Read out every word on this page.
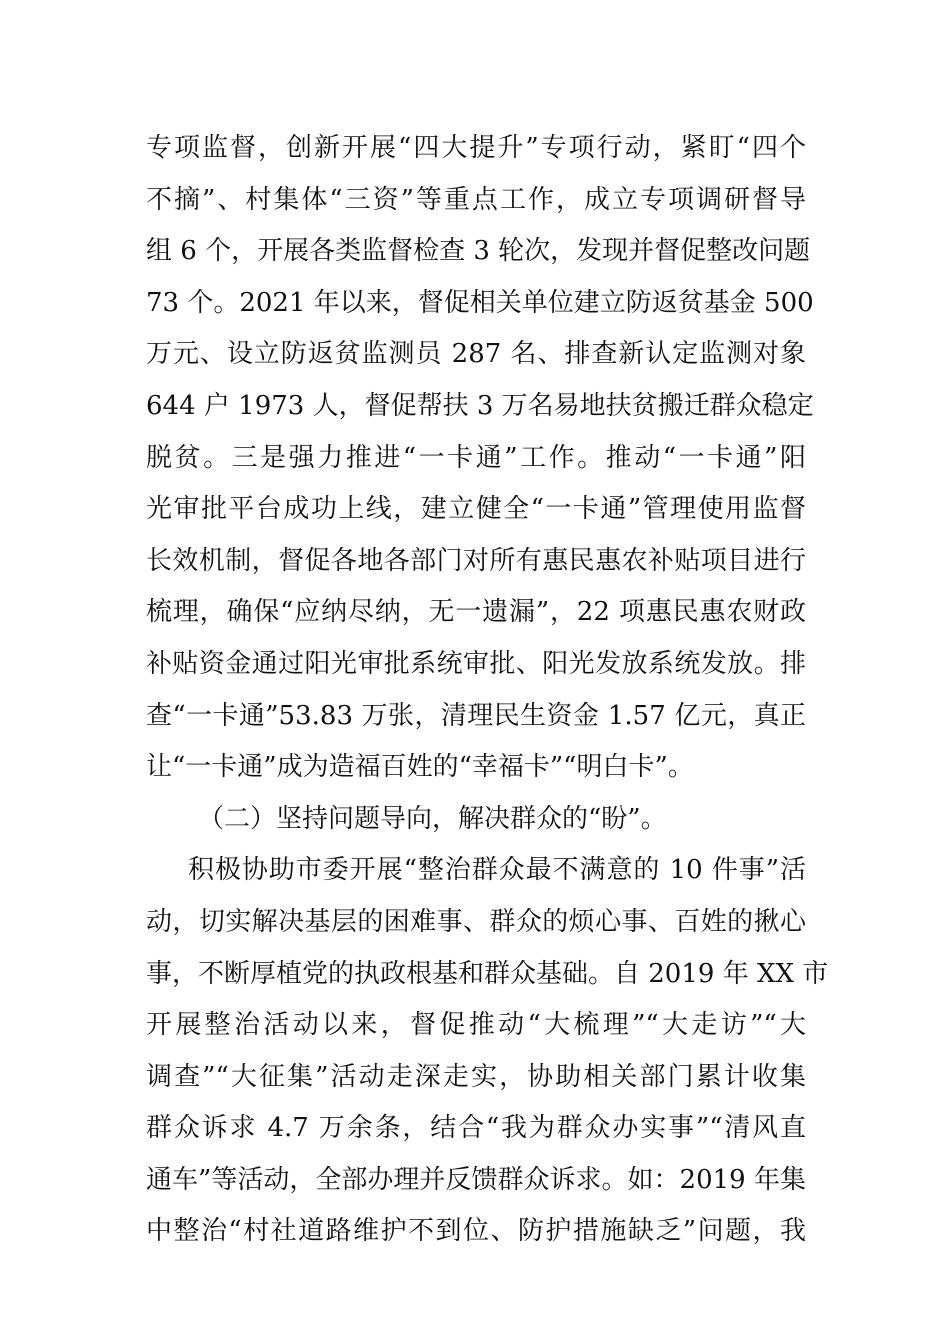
专项监督，创新开展“四大提升”专项行动，紧盯“四个
不摘”、村集体“三资”等重点工作，成立专项调研督导
组 6 个，开展各类监督检查 3 轮次，发现并督促整改问题
73 个。2021 年以来，督促相关单位建立防返贫基金 500
万元、设立防返贫监测员 287 名、排查新认定监测对象
644 户 1973 人，督促帮扶 3 万名易地扶贫搬迁群众稳定
脱贫。三是强力推进“一卡通”工作。推动“一卡通”阳
光审批平台成功上线，建立健全“一卡通”管理使用监督
长效机制，督促各地各部门对所有惠民惠农补贴项目进行
梳理，确保“应纳尽纳，无一遗漏”，22 项惠民惠农财政
补贴资金通过阳光审批系统审批、阳光发放系统发放。排
查“一卡通”53.83 万张，清理民生资金 1.57 亿元，真正
让“一卡通”成为造福百姓的“幸福卡”“明白卡”。
（二）坚持问题导向，解决群众的“盼”。
积极协助市委开展“整治群众最不满意的 10 件事”活
动，切实解决基层的困难事、群众的烦心事、百姓的揪心
事，不断厚植党的执政根基和群众基础。自 2019 年 XX 市
开展整治活动以来，督促推动“大梳理”“大走访”“大
调查”“大征集”活动走深走实，协助相关部门累计收集
群众诉求 4.7 万余条，结合“我为群众办实事”“清风直
通车”等活动，全部办理并反馈群众诉求。如：2019 年集
中整治“村社道路维护不到位、防护措施缺乏”问题，我
